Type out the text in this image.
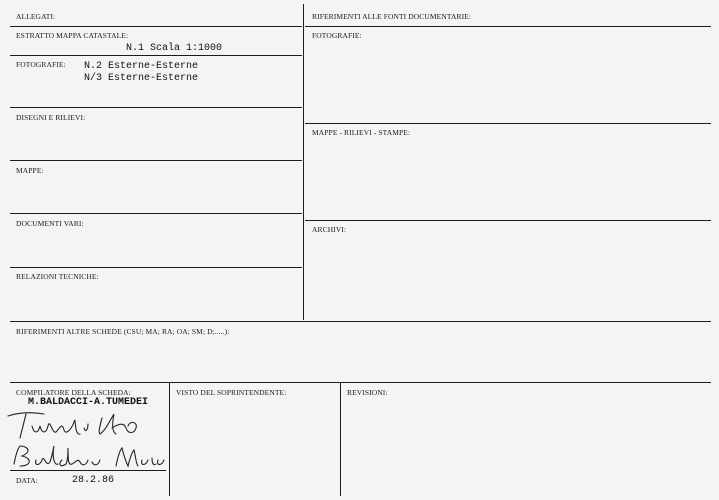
ALLEGATI:
ESTRATTO MAPPA CATASTALE:
N.1 Scala 1:1000
FOTOGRAFIE: N.2 Esterne-Esterne
N/3 Esterne-Esterne
DISEGNI E RILIEVI:
MAPPE:
DOCUMENTI VARI:
RELAZIONI TECNICHE:
RIFERIMENTI ALLE FONTI DOCUMENTARIE:
FOTOGRAFIE:
MAPPE - RILIEVI - STAMPE:
ARCHIVI:
RIFERIMENTI ALTRE SCHEDE (CSU; MA; RA; OA; SM; D;.....):
COMPILATORE DELLA SCHEDA:
M.BALDACCI-A.TUMEDEI
DATA:	28.2.86
VISTO DEL SOPRINTENDENTE:	REVISIONI:
